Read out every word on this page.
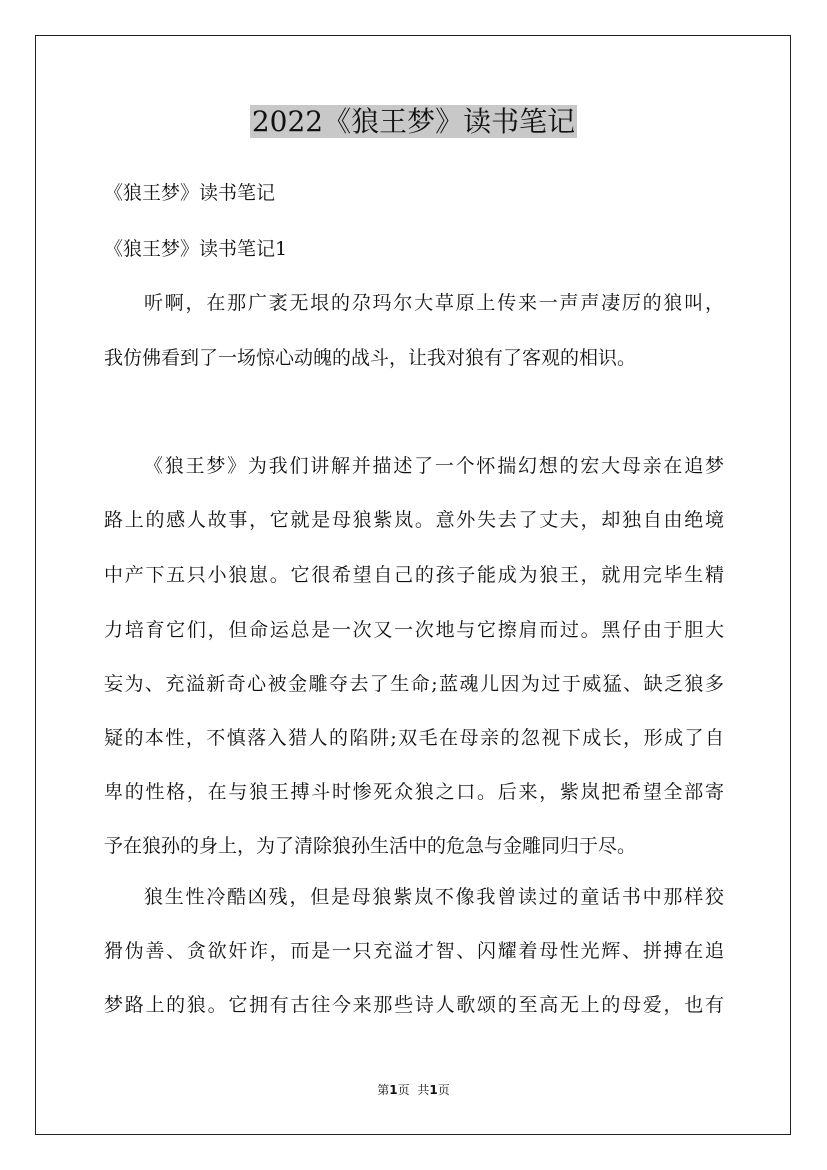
2022《狼王梦》读书笔记

《狼王梦》读书笔记

《狼王梦》读书笔记1

听啊，在那广袤无垠的尕玛尔大草原上传来一声声凄厉的狼叫，

我仿佛看到了一场惊心动魄的战斗，让我对狼有了客观的相识。

《狼王梦》为我们讲解并描述了一个怀揣幻想的宏大母亲在追梦

路上的感人故事，它就是母狼紫岚。意外失去了丈夫，却独自由绝境

中产下五只小狼崽。它很希望自己的孩子能成为狼王，就用完毕生精

力培育它们，但命运总是一次又一次地与它擦肩而过。黑仔由于胆大

妄为、充溢新奇心被金雕夺去了生命;蓝魂儿因为过于威猛、缺乏狼多

疑的本性，不慎落入猎人的陷阱;双毛在母亲的忽视下成长，形成了自

卑的性格，在与狼王搏斗时惨死众狼之口。后来，紫岚把希望全部寄

予在狼孙的身上，为了清除狼孙生活中的危急与金雕同归于尽。

狼生性冷酷凶残，但是母狼紫岚不像我曾读过的童话书中那样狡

猾伪善、贪欲奸诈，而是一只充溢才智、闪耀着母性光辉、拼搏在追

梦路上的狼。它拥有古往今来那些诗人歌颂的至高无上的母爱，也有

第1页 共1页
